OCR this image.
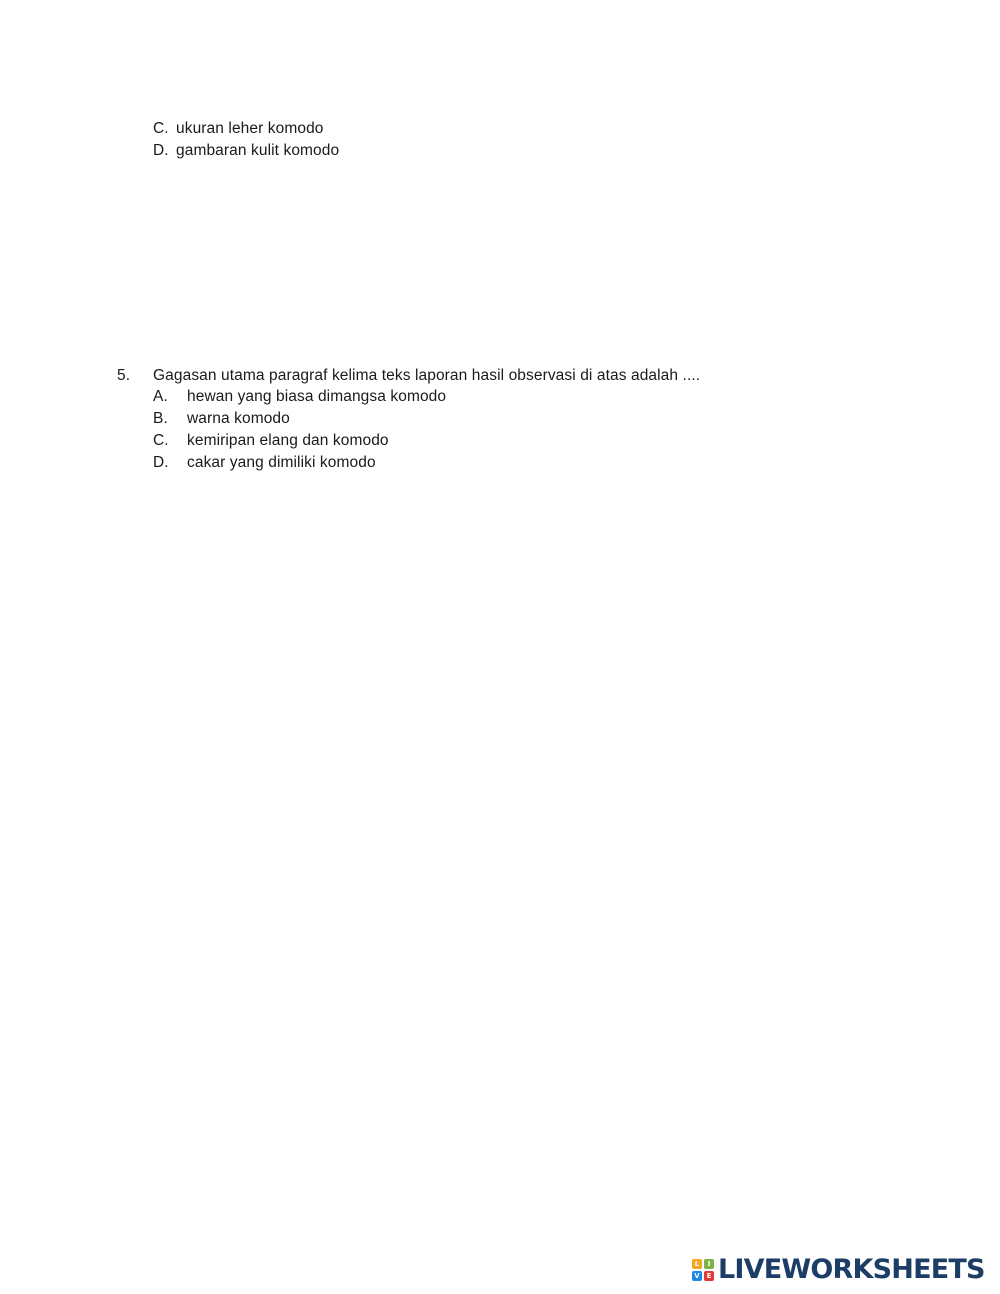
C. ukuran leher komodo
D. gambaran kulit komodo
5. Gagasan utama paragraf kelima teks laporan hasil observasi di atas adalah ....
A. hewan yang biasa dimangsa komodo
B. warna komodo
C. kemiripan elang dan komodo
D. cakar yang dimiliki komodo
L	I
V E LIVEWORKSHEETS
